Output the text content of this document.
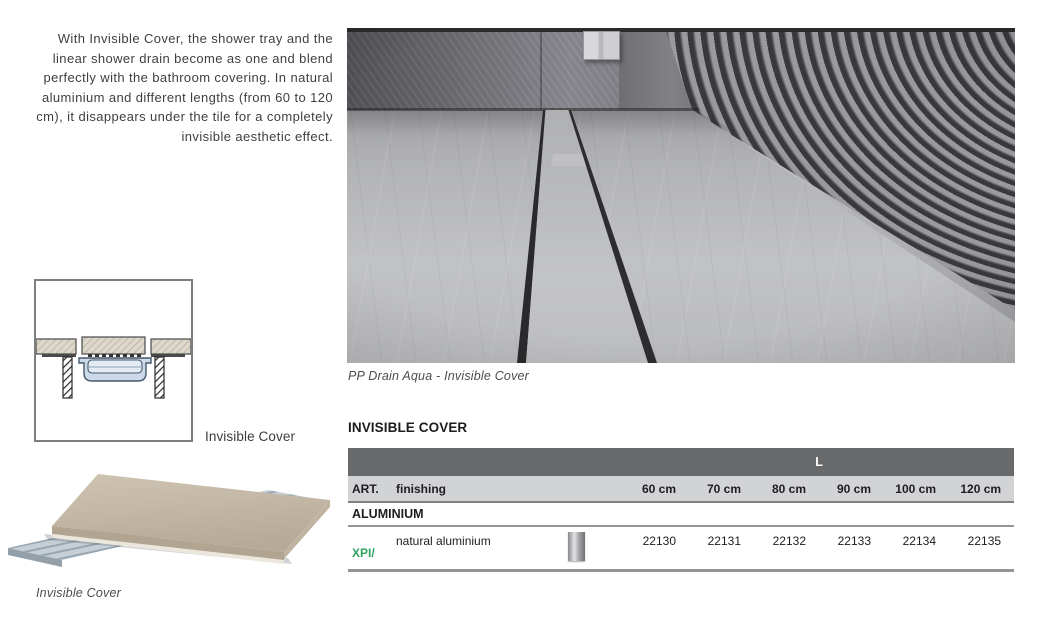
With Invisible Cover, the shower tray and the linear shower drain become as one and blend perfectly with the bathroom covering. In natural aluminium and different lengths (from 60 to 120 cm), it disappears under the tile for a completely invisible aesthetic effect.

PP Drain Aqua - Invisible Cover
Invisible Cover
Invisible Cover
INVISIBLE COVER
			L					
ART.	finishing		60 cm	70 cm	80 cm	90 cm	100 cm	120 cm
ALUMINIUM								
XPI/	natural aluminium		22130	22131	22132	22133	22134	22135
